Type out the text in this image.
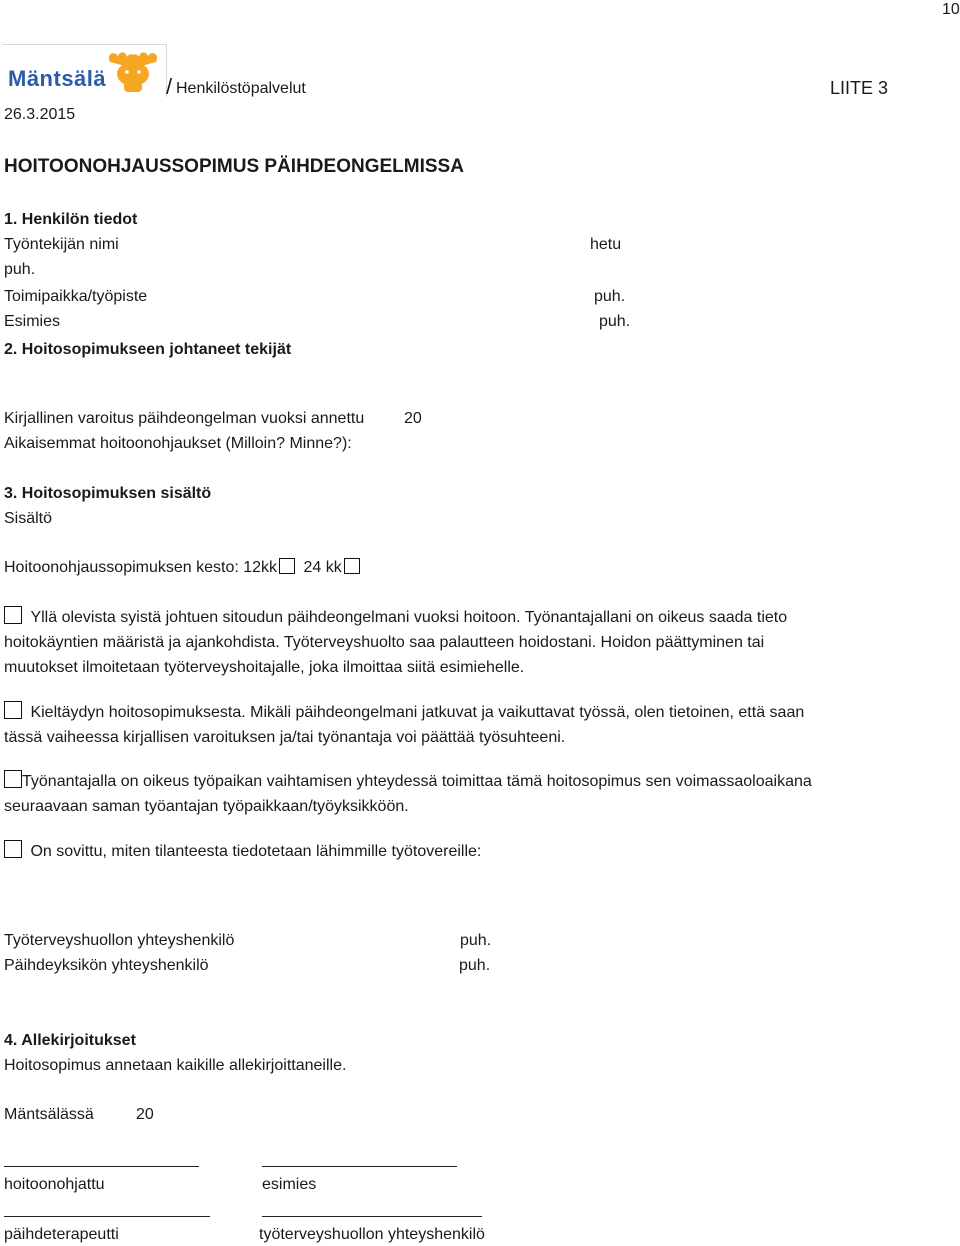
10
Mäntsälä	/ Henkilöstöpalvelut	LIITE 3
26.3.2015
HOITOONOHJAUSSOPIMUS PÄIHDEONGELMISSA
1. Henkilön tiedot
Työntekijän nimi	hetu
puh.
Toimipaikka/työpiste	puh.
Esimies	puh.
2. Hoitosopimukseen johtaneet tekijät
Kirjallinen varoitus päihdeongelman vuoksi annettu 20
Aikaisemmat hoitoonohjaukset (Milloin? Minne?):
3. Hoitosopimuksen sisältö
Sisältö
Hoitoonohjaussopimuksen kesto: 12kk 24 kk
Yllä olevista syistä johtuen sitoudun päihdeongelmani vuoksi hoitoon. Työnantajallani on oikeus saada tieto hoitokäyntien määristä ja ajankohdista. Työterveyshuolto saa palautteen hoidostani. Hoidon päättyminen tai muutokset ilmoitetaan työterveyshoitajalle, joka ilmoittaa siitä esimiehelle.
Kieltäydyn hoitosopimuksesta. Mikäli päihdeongelmani jatkuvat ja vaikuttavat työssä, olen tietoinen, että saan tässä vaiheessa kirjallisen varoituksen ja/tai työnantaja voi päättää työsuhteeni.
Työnantajalla on oikeus työpaikan vaihtamisen yhteydessä toimittaa tämä hoitosopimus sen voimassaoloaikana seuraavaan saman työantajan työpaikkaan/työyksikköön.
On sovittu, miten tilanteesta tiedotetaan lähimmille työtovereille:
Työterveyshuollon yhteyshenkilö	puh.
Päihdeyksikön yhteyshenkilö	puh.
4. Allekirjoitukset
Hoitosopimus annetaan kaikille allekirjoittaneille.
Mäntsälässä	20
hoitoonohjattu	esimies
päihdeterapeutti	työterveyshuollon yhteyshenkilö
